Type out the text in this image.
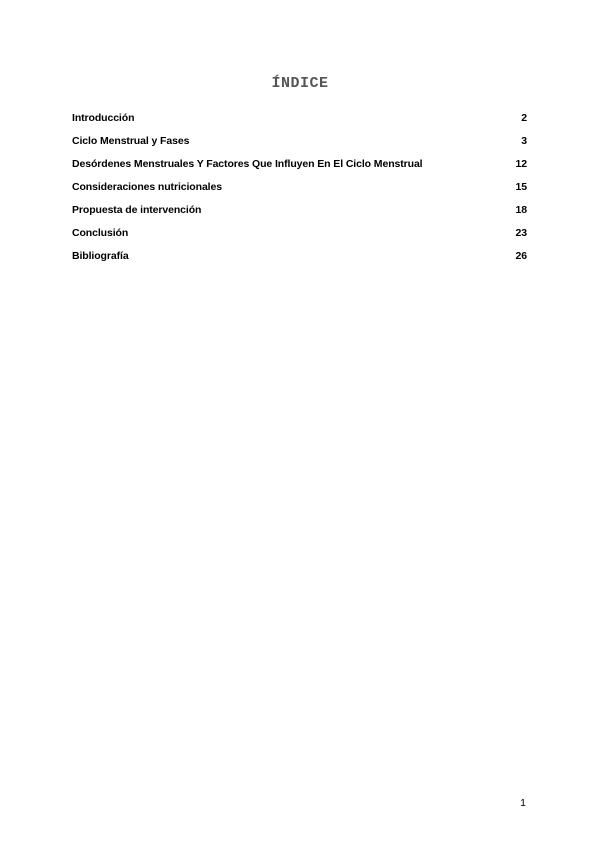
ÍNDICE
Introducción	2
Ciclo Menstrual y Fases	3
Desórdenes Menstruales Y Factores Que Influyen En El Ciclo Menstrual	12
Consideraciones nutricionales	15
Propuesta de intervención	18
Conclusión	23
Bibliografía	26
1
